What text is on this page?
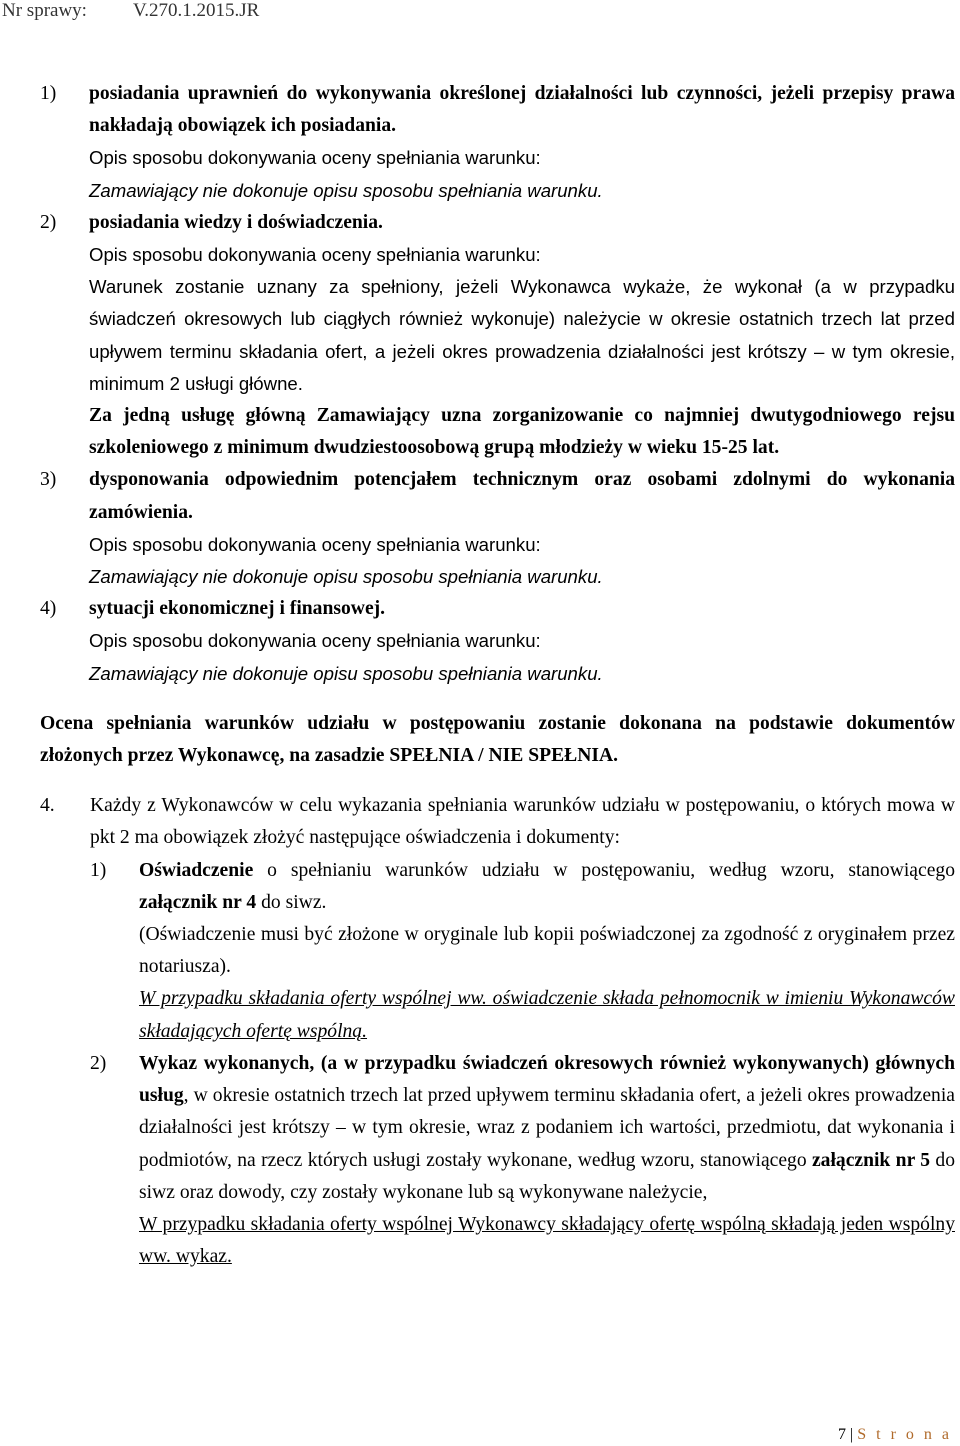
Nr sprawy: V.270.1.2015.JR
1) posiadania uprawnień do wykonywania określonej działalności lub czynności, jeżeli przepisy prawa nakładają obowiązek ich posiadania.

Opis sposobu dokonywania oceny spełniania warunku:

Zamawiający nie dokonuje opisu sposobu spełniania warunku.

2) posiadania wiedzy i doświadczenia.

Opis sposobu dokonywania oceny spełniania warunku:

Warunek zostanie uznany za spełniony, jeżeli Wykonawca wykaże, że wykonał (a w przypadku świadczeń okresowych lub ciągłych również wykonuje) należycie w okresie ostatnich trzech lat przed upływem terminu składania ofert, a jeżeli okres prowadzenia działalności jest krótszy – w tym okresie, minimum 2 usługi główne.

Za jedną usługę główną Zamawiający uzna zorganizowanie co najmniej dwutygodniowego rejsu szkoleniowego z minimum dwudziestoosobową grupą młodzieży w wieku 15-25 lat.

3) dysponowania odpowiednim potencjałem technicznym oraz osobami zdolnymi do wykonania zamówienia.

Opis sposobu dokonywania oceny spełniania warunku:

Zamawiający nie dokonuje opisu sposobu spełniania warunku.

4) sytuacji ekonomicznej i finansowej.

Opis sposobu dokonywania oceny spełniania warunku:

Zamawiający nie dokonuje opisu sposobu spełniania warunku.

Ocena spełniania warunków udziału w postępowaniu zostanie dokonana na podstawie dokumentów złożonych przez Wykonawcę, na zasadzie SPEŁNIA / NIE SPEŁNIA.

4. Każdy z Wykonawców w celu wykazania spełniania warunków udziału w postępowaniu, o których mowa w pkt 2 ma obowiązek złożyć następujące oświadczenia i dokumenty:

1) Oświadczenie o spełnianiu warunków udziału w postępowaniu, według wzoru, stanowiącego załącznik nr 4 do siwz.

(Oświadczenie musi być złożone w oryginale lub kopii poświadczonej za zgodność z oryginałem przez notariusza).

W przypadku składania oferty wspólnej ww. oświadczenie składa pełnomocnik w imieniu Wykonawców składających ofertę wspólną.

2) Wykaz wykonanych, (a w przypadku świadczeń okresowych również wykonywanych) głównych usług, w okresie ostatnich trzech lat przed upływem terminu składania ofert, a jeżeli okres prowadzenia działalności jest krótszy – w tym okresie, wraz z podaniem ich wartości, przedmiotu, dat wykonania i podmiotów, na rzecz których usługi zostały wykonane, według wzoru, stanowiącego załącznik nr 5 do siwz oraz dowody, czy zostały wykonane lub są wykonywane należycie,

W przypadku składania oferty wspólnej Wykonawcy składający ofertę wspólną składają jeden wspólny ww. wykaz.

7 | S t r o n a
